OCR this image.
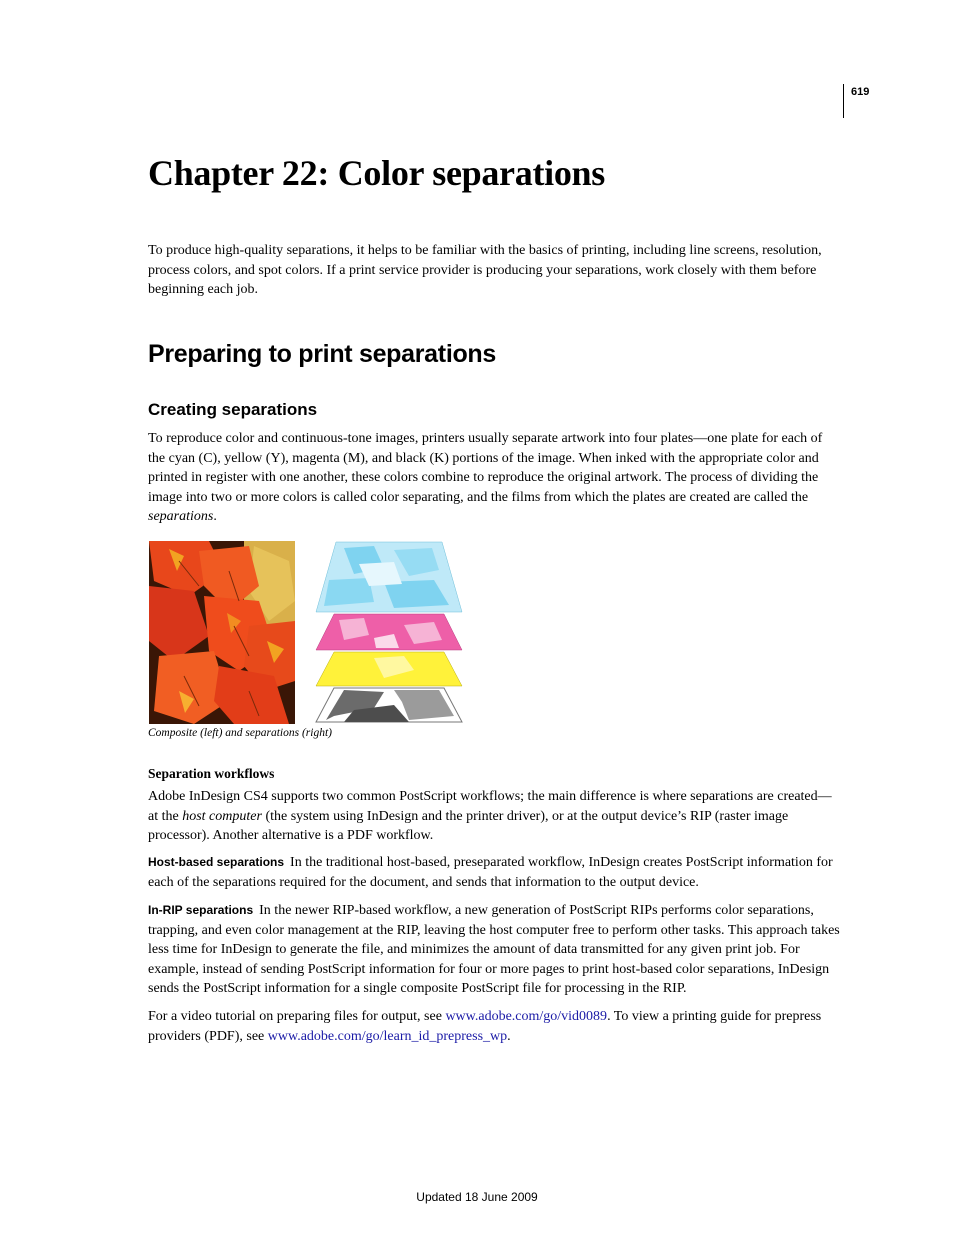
619
Chapter 22: Color separations

To produce high-quality separations, it helps to be familiar with the basics of printing, including line screens, resolution, process colors, and spot colors. If a print service provider is producing your separations, work closely with them before beginning each job.

Preparing to print separations
Creating separations

To reproduce color and continuous-tone images, printers usually separate artwork into four plates—one plate for each of the cyan (C), yellow (Y), magenta (M), and black (K) portions of the image. When inked with the appropriate color and printed in register with one another, these colors combine to reproduce the original artwork. The process of dividing the image into two or more colors is called color separating, and the films from which the plates are created are called the separations.

Composite (left) and separations (right)
Separation workflows

Adobe InDesign CS4 supports two common PostScript workflows; the main difference is where separations are created—at the host computer (the system using InDesign and the printer driver), or at the output device’s RIP (raster image processor). Another alternative is a PDF workflow.

Host-based separations In the traditional host-based, preseparated workflow, InDesign creates PostScript information for each of the separations required for the document, and sends that information to the output device.

In-RIP separations In the newer RIP-based workflow, a new generation of PostScript RIPs performs color separations, trapping, and even color management at the RIP, leaving the host computer free to perform other tasks. This approach takes less time for InDesign to generate the file, and minimizes the amount of data transmitted for any given print job. For example, instead of sending PostScript information for four or more pages to print host-based color separations, InDesign sends the PostScript information for a single composite PostScript file for processing in the RIP.

For a video tutorial on preparing files for output, see www.adobe.com/go/vid0089. To view a printing guide for prepress providers (PDF), see www.adobe.com/go/learn_id_prepress_wp.

Updated 18 June 2009
